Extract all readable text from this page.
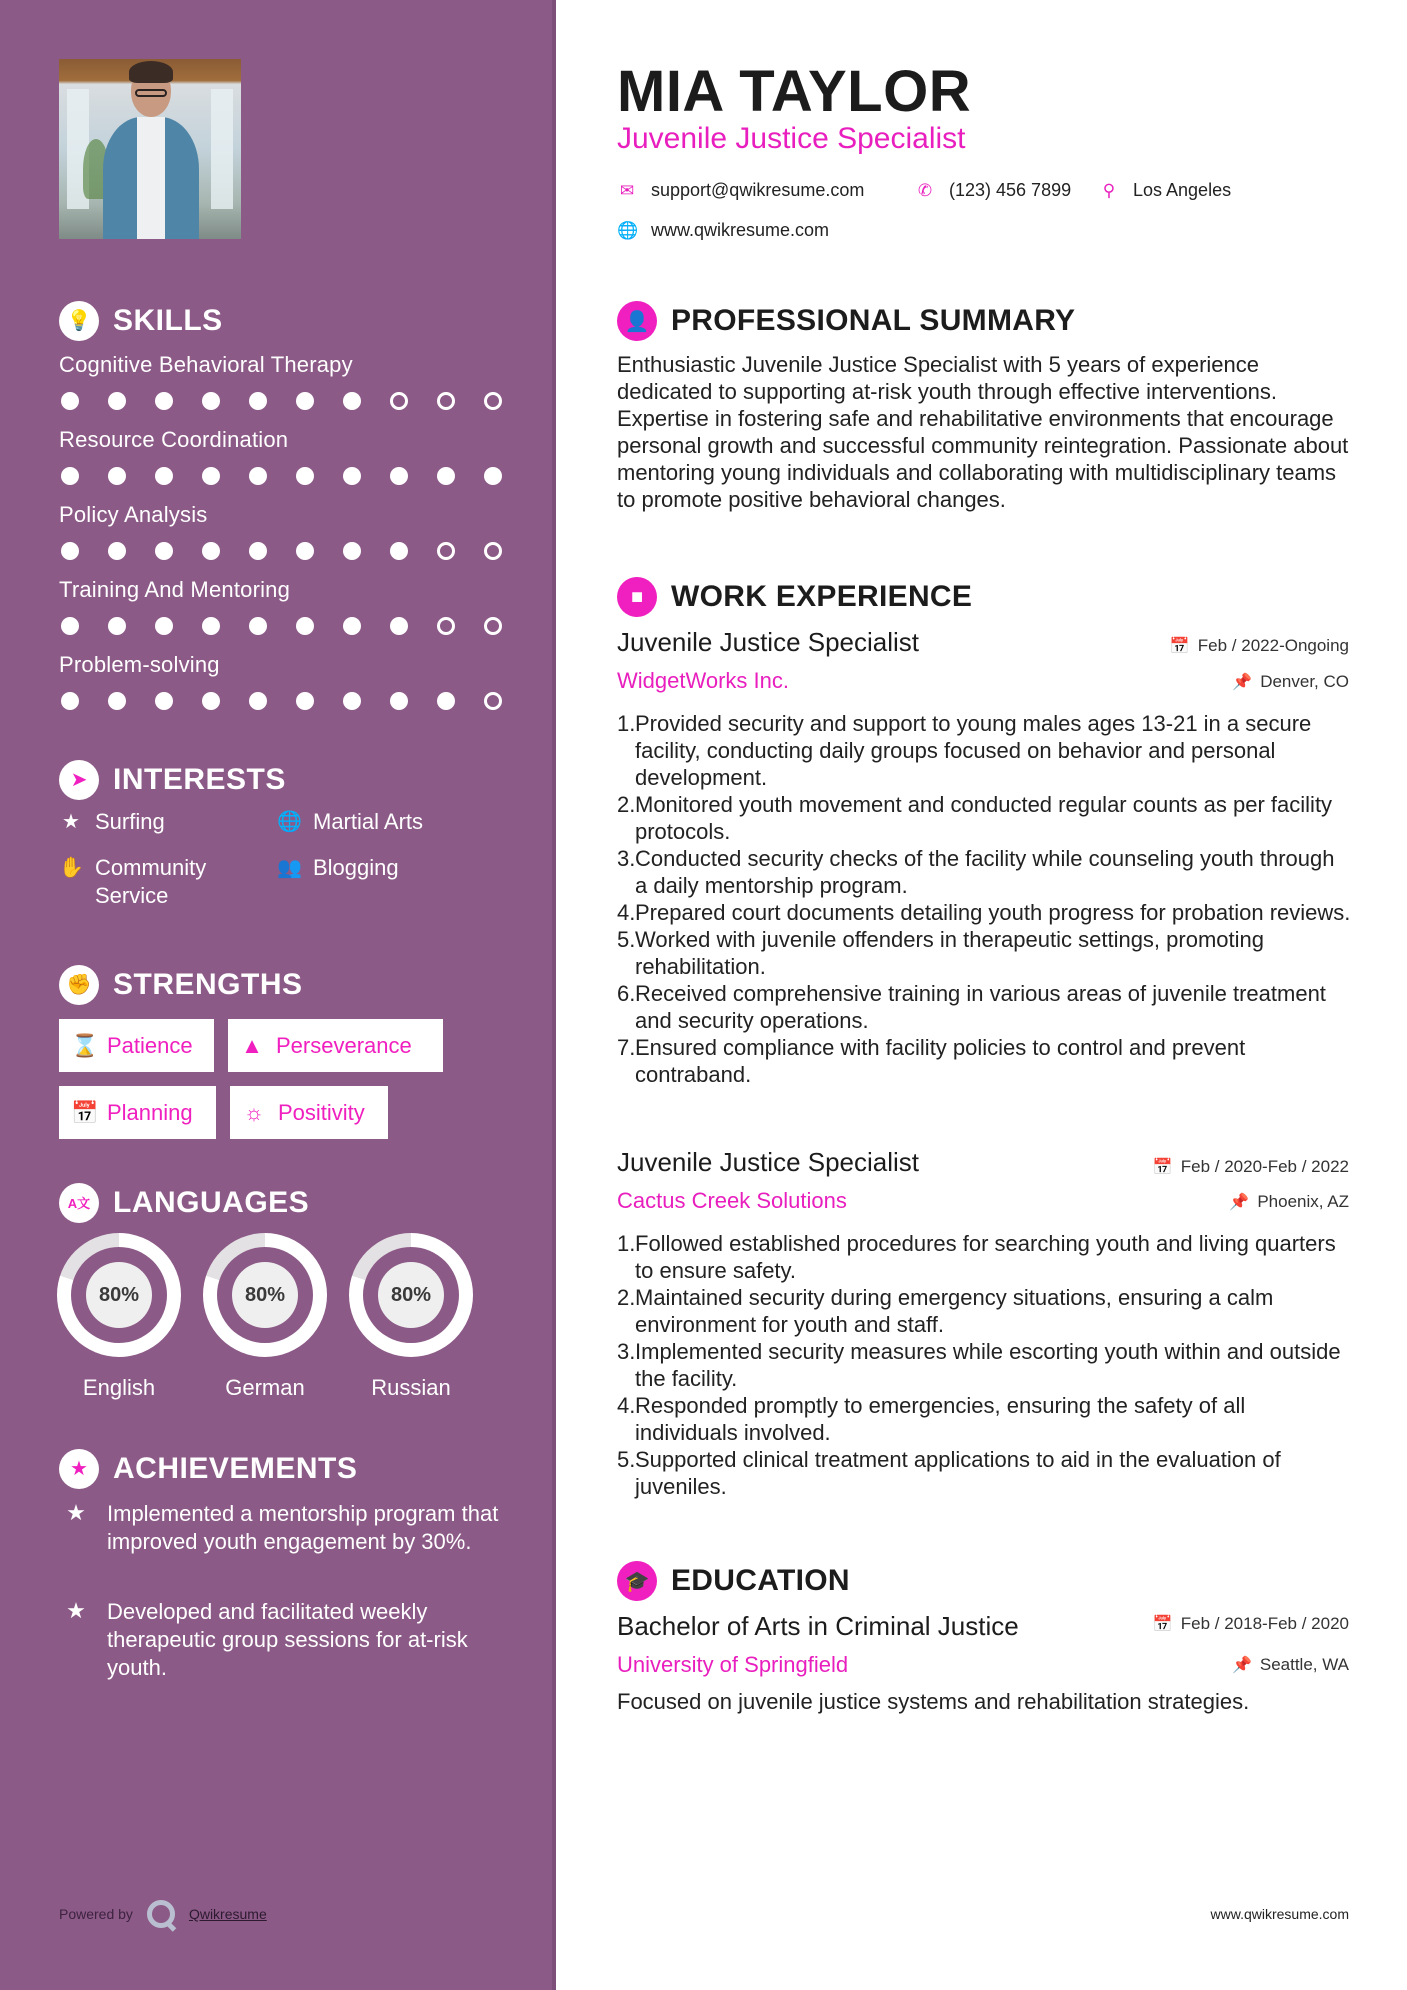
💡 SKILLS
Cognitive Behavioral Therapy
Resource Coordination
Policy Analysis
Training And Mentoring
Problem-solving
➤ INTERESTS
★ Surfing	🌐 Martial Arts
✋ Community
Service
👥 Blogging
✊ STRENGTHS
⌛ Patience ▲ Perseverance
📅 Planning ☼ Positivity
A文 LANGUAGES
80%
English
80%
German
80%
Russian
★ ACHIEVEMENTS
★ Implemented a mentorship program that improved youth engagement by 30%.
★ Developed and facilitated weekly therapeutic group sessions for at-risk youth.
Powered by	Qwikresume
MIA TAYLOR
Juvenile Justice Specialist
✉ support@qwikresume.com	✆ (123) 456 7899 ⚲ Los Angeles
🌐 www.qwikresume.com
👤 PROFESSIONAL SUMMARY

Enthusiastic Juvenile Justice Specialist with 5 years of experience dedicated to supporting at-risk youth through effective interventions. Expertise in fostering safe and rehabilitative environments that encourage personal growth and successful community reintegration. Passionate about mentoring young individuals and collaborating with multidisciplinary teams to promote positive behavioral changes.

■ WORK EXPERIENCE
Juvenile Justice Specialist	📅 Feb / 2022-Ongoing
WidgetWorks Inc.	📌 Denver, CO
1. Provided security and support to young males ages 13-21 in a secure facility, conducting daily groups focused on behavior and personal development.
2. Monitored youth movement and conducted regular counts as per facility protocols.
3. Conducted security checks of the facility while counseling youth through a daily mentorship program.
4. Prepared court documents detailing youth progress for probation reviews.
5. Worked with juvenile offenders in therapeutic settings, promoting rehabilitation.
6. Received comprehensive training in various areas of juvenile treatment and security operations.
7. Ensured compliance with facility policies to control and prevent contraband.
Juvenile Justice Specialist	📅 Feb / 2020-Feb / 2022
Cactus Creek Solutions	📌 Phoenix, AZ
1. Followed established procedures for searching youth and living quarters to ensure safety.
2. Maintained security during emergency situations, ensuring a calm environment for youth and staff.
3. Implemented security measures while escorting youth within and outside the facility.
4. Responded promptly to emergencies, ensuring the safety of all individuals involved.
5. Supported clinical treatment applications to aid in the evaluation of juveniles.
🎓 EDUCATION
Bachelor of Arts in Criminal Justice	📅 Feb / 2018-Feb / 2020
University of Springfield	📌 Seattle, WA

Focused on juvenile justice systems and rehabilitation strategies.

www.qwikresume.com
